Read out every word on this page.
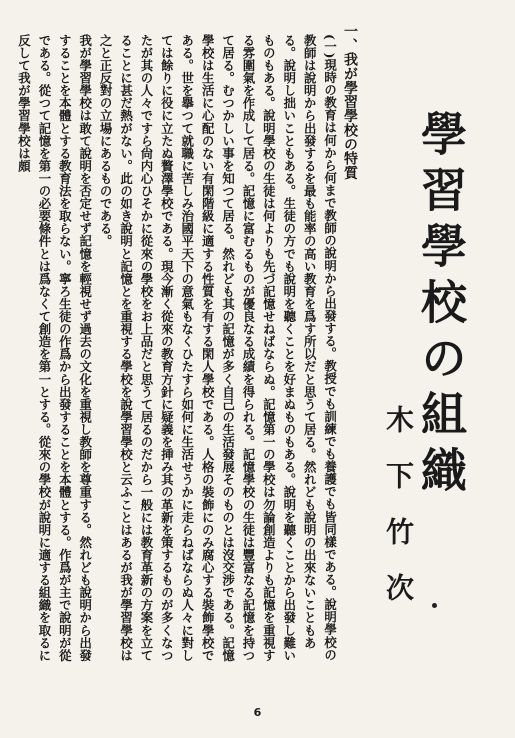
學習學校の組織
木下竹次

一、我が學習學校の特質

(一)現時の教育は何から何まで教師の說明から出發する。教授でも訓練でも養護でも皆同樣である。說明學校の教師は說明から出發するを最も能率の高い教育を爲す所以だと思うて居る。然れども說明の出來ないこともある。說明し拙いこともある。生徒の方でも說明を聽くことを好まぬものもある。說明を聽くことから出發し難いものもある。說明學校の生徒は何よりも先づ記憶せねばならぬ。記憶第一の學校は勿論創造よりも記憶を重視する雰圍氣を作成して居る。記憶に富むるものが優良なる成績を得られる。記憶學校の生徒は豐富なる記憶を持つて居る。むつかしい事を知つて居る。然れども其の記憶が多く自己の生活發展そのものとは沒交涉である。記憶學校は生活に心配のない有閑階級に適する性質を有する閑人學校である。人格の裝飾にのみ腐心する裝飾學校である。世を擧つて就職に苦しみ治國平天下の意氣もなくひたすら如何に生活せうかに走らねばならぬ人々に對しては餘りに役に立たぬ贅澤學校である。現今漸く從來の教育方針に疑義を挿み其の革新を策するものが多くなつたが其の人々ですら尙内心ひそかに從來の學校をお上品だと思うて居るのだから一般には教育革新の方案を立てることに甚だ熱がない。此の如き說明と記憶とを重視する學校を說學習學校と云ふことはあるが我が學習學校は之と正反對の立場にあるものである。

我が學習學校は敢て說明を否定せず記憶を輕視せず過去の文化を重視し教師を尊重する。然れども說明から出發することを本體とする教育法を取らない。寧ろ生徒の作爲から出發することを本體とする。作爲が主で說明が從である。從つて記憶を第一の必要條件とは爲なくて創造を第一とする。從來の學校が說明に適する組織を取るに反して我が學習學校は頗

6
